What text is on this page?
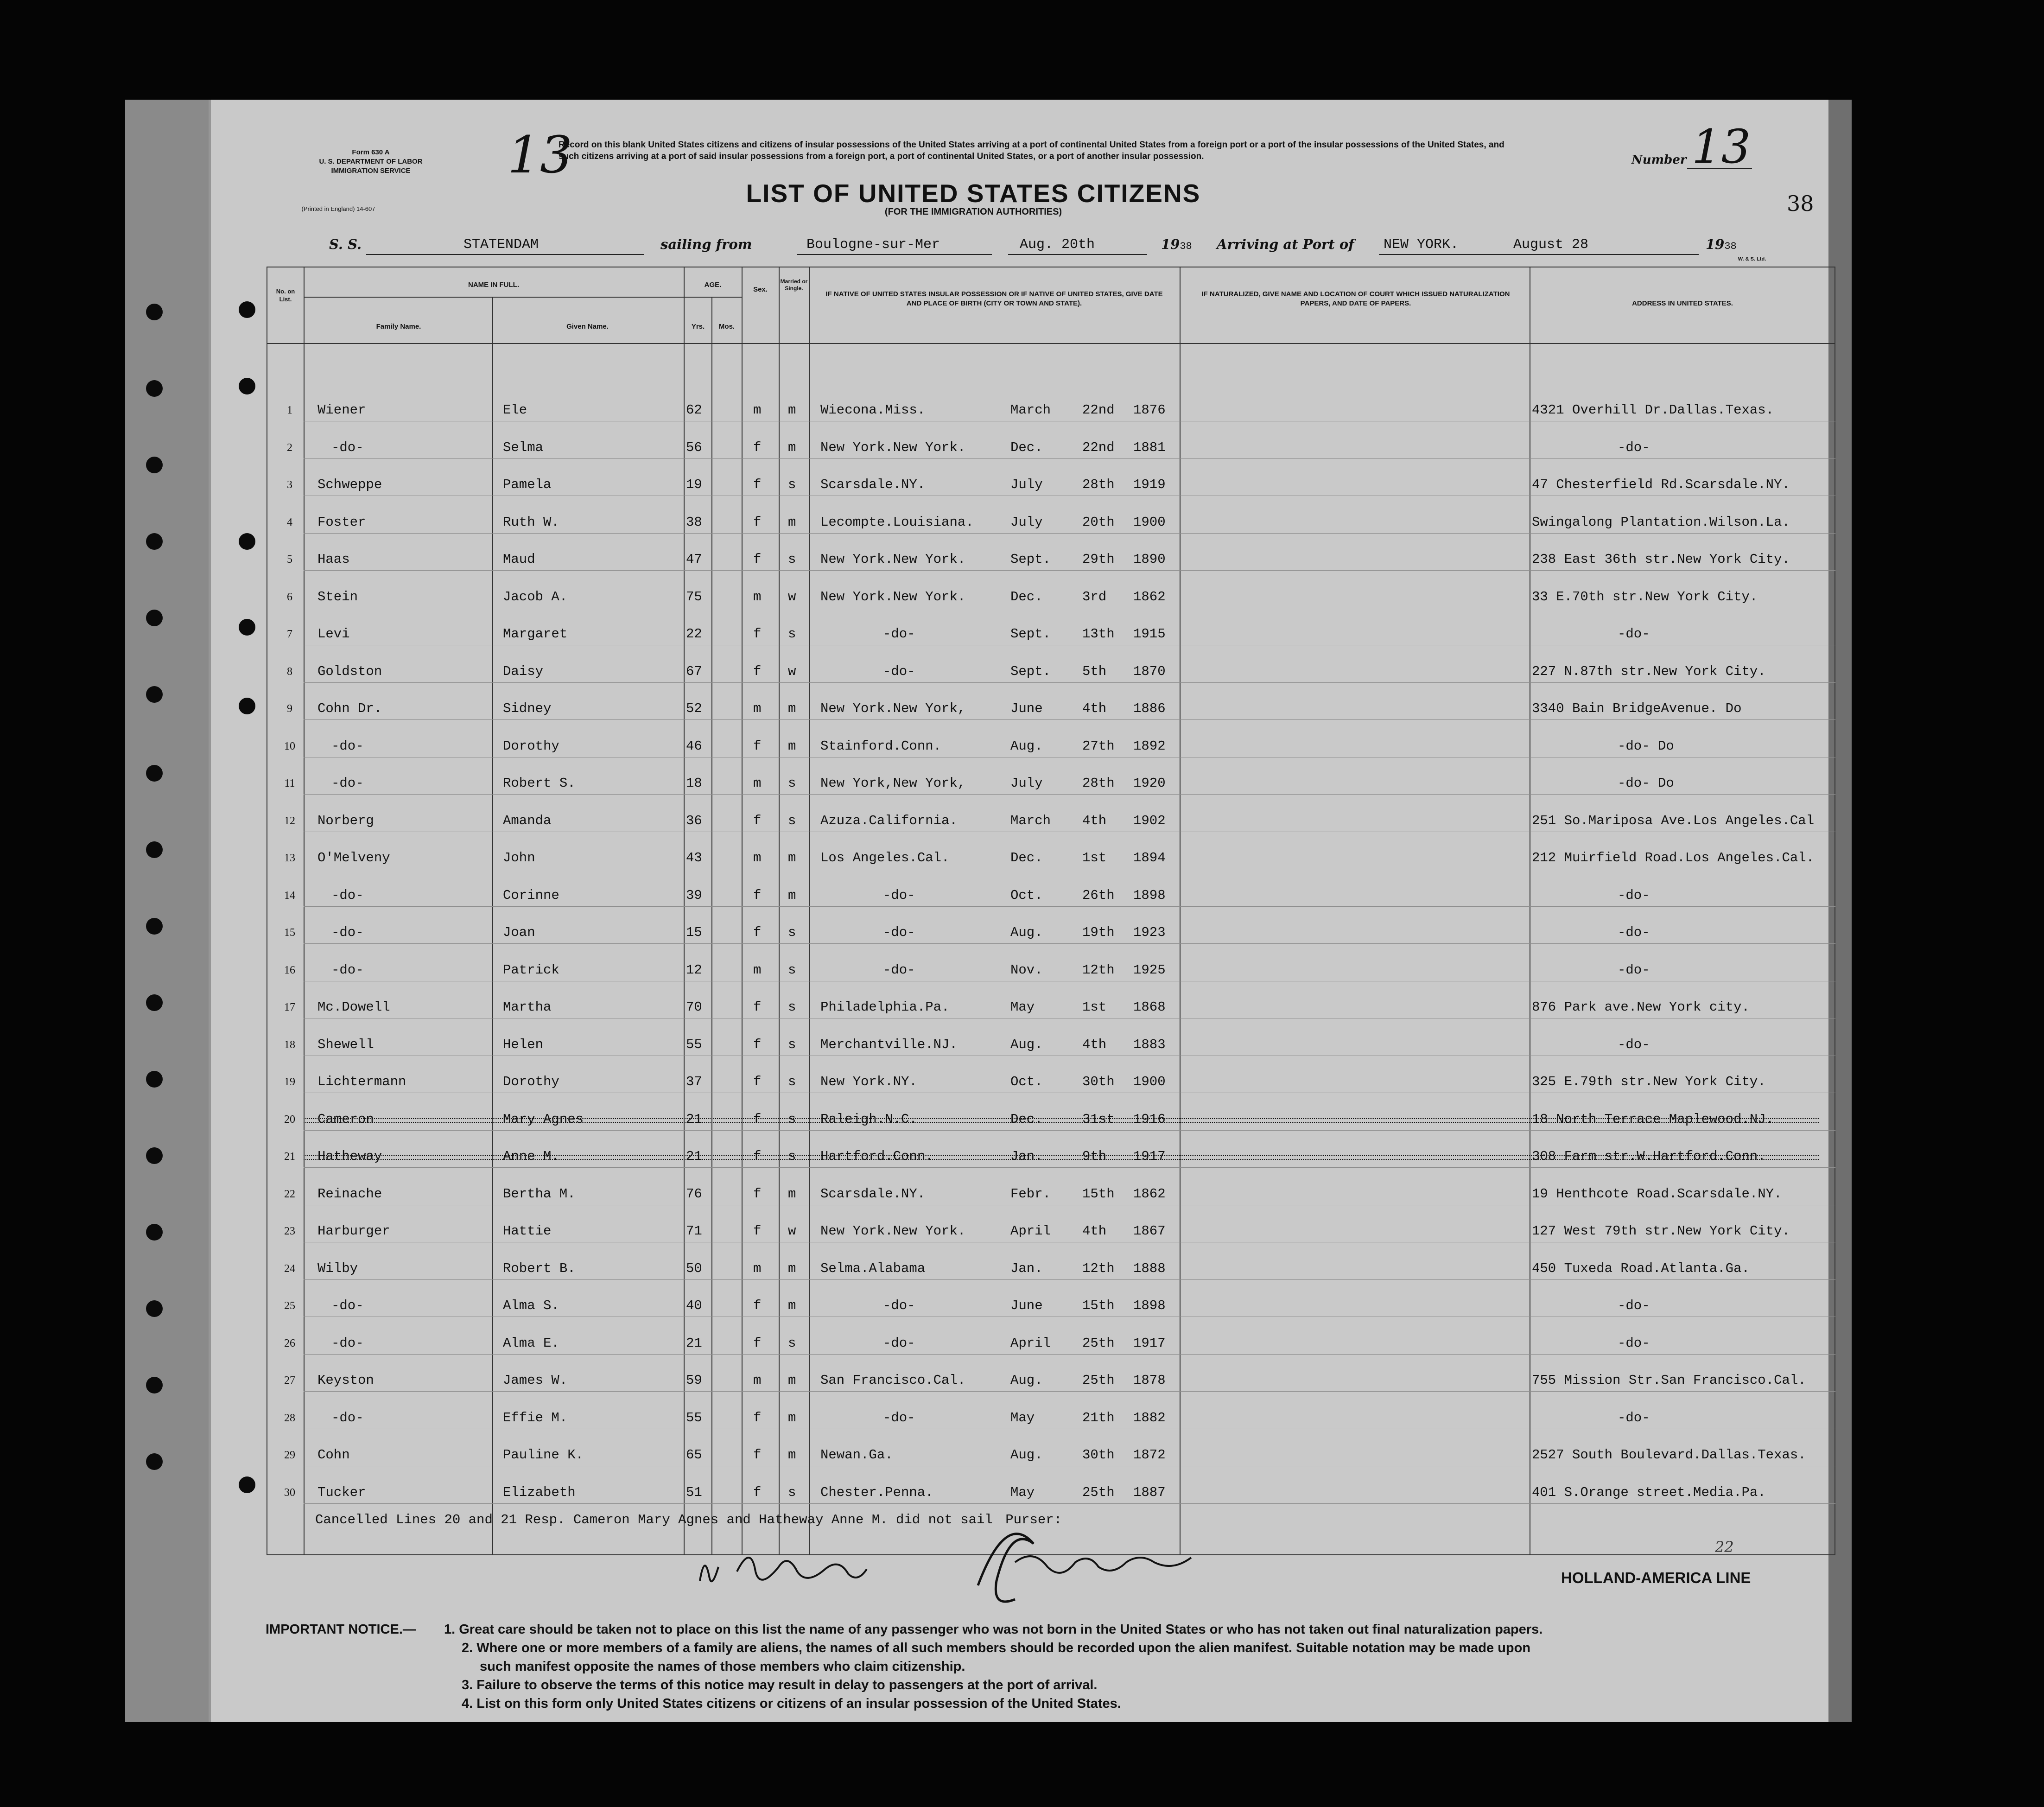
Form 630 A
U. S. DEPARTMENT OF LABOR
IMMIGRATION SERVICE
(Printed in England) 14-607
13
Record on this blank United States citizens and citizens of insular possessions of the United States arriving at a port of continental United States from a foreign port or a port of the insular possessions of the United States, and such citizens arriving at a port of said insular possessions from a foreign port, a port of continental United States, or a port of another insular possession.	Number 13
38
LIST OF UNITED STATES CITIZENS
(FOR THE IMMIGRATION AUTHORITIES)
S. S.	STATENDAM	sailing from	Boulogne-sur-Mer	Aug. 20th	1938 Arriving at Port of NEW YORK.	August 28	1938
W. & S. Ltd.
No. on List.
NAME IN FULL.
Family Name.	Given Name.
AGE.
Yrs.	Mos.
Sex.
Married or Single.
IF NATIVE OF UNITED STATES INSULAR POSSESSION OR IF NATIVE OF UNITED STATES, GIVE DATE AND PLACE OF BIRTH (CITY OR TOWN AND STATE).
IF NATURALIZED, GIVE NAME AND LOCATION OF COURT WHICH ISSUED NATURALIZATION PAPERS, AND DATE OF PAPERS.	ADDRESS IN UNITED STATES.
1	Wiener	Ele	62	m m Wiecona.Miss.	March 22nd 1876	4321 Overhill Dr.Dallas.Texas.
2	-do-	Selma	56	f m New York.New York.	Dec.	22nd 1881	-do-
3	Schweppe	Pamela	19	f s Scarsdale.NY.	July	28th 1919	47 Chesterfield Rd.Scarsdale.NY.
4	Foster	Ruth W.	38	f m Lecompte.Louisiana.	July	20th 1900	Swingalong Plantation.Wilson.La.
5	Haas	Maud	47	f s New York.New York.	Sept. 29th 1890	238 East 36th str.New York City.
6	Stein	Jacob A.	75	m w New York.New York.	Dec.	3rd 1862	33 E.70th str.New York City.
7	Levi	Margaret	22	f s	-do-	Sept. 13th 1915	-do-
8	Goldston	Daisy	67	f w	-do-	Sept. 5th 1870	227 N.87th str.New York City.
9	Cohn Dr.	Sidney	52	m m New York.New York,	June	4th 1886	3340 Bain BridgeAvenue. Do
10	-do-	Dorothy	46	f m Stainford.Conn.	Aug.	27th 1892	-do- Do
11	-do-	Robert S.	18	m s New York,New York,	July	28th 1920	-do- Do
12	Norberg	Amanda	36	f s Azuza.California.	March 4th 1902	251 So.Mariposa Ave.Los Angeles.Cal
13	O'Melveny	John	43	m m Los Angeles.Cal.	Dec.	1st 1894	212 Muirfield Road.Los Angeles.Cal.
14	-do-	Corinne	39	f m	-do-	Oct.	26th 1898	-do-
15	-do-	Joan	15	f s	-do-	Aug.	19th 1923	-do-
16	-do-	Patrick	12	m s	-do-	Nov.	12th 1925	-do-
17	Mc.Dowell	Martha	70	f s Philadelphia.Pa.	May	1st 1868	876 Park ave.New York city.
18	Shewell	Helen	55	f s Merchantville.NJ.	Aug.	4th 1883	-do-
19	Lichtermann	Dorothy	37	f s New York.NY.	Oct.	30th 1900	325 E.79th str.New York City.
20	Cameron	Mary Agnes	21	f s Raleigh.N.C.	Dec.	31st 1916	18 North Terrace Maplewood.NJ.
21	Hatheway	Anne M.	21	f s Hartford.Conn.	Jan.	9th 1917	308 Farm str.W.Hartford.Conn.
22	Reinache	Bertha M.	76	f m Scarsdale.NY.	Febr. 15th 1862	19 Henthcote Road.Scarsdale.NY.
23	Harburger	Hattie	71	f w New York.New York.	April 4th 1867	127 West 79th str.New York City.
24	Wilby	Robert B.	50	m m Selma.Alabama	Jan.	12th 1888	450 Tuxeda Road.Atlanta.Ga.
25	-do-	Alma S.	40	f m	-do-	June	15th 1898	-do-
26	-do-	Alma E.	21	f s	-do-	April 25th 1917	-do-
27	Keyston	James W.	59	m m San Francisco.Cal.	Aug.	25th 1878	755 Mission Str.San Francisco.Cal.
28	-do-	Effie M.	55	f m	-do-	May	21th 1882	-do-
29	Cohn	Pauline K.	65	f m Newan.Ga.	Aug.	30th 1872	2527 South Boulevard.Dallas.Texas.
30	Tucker	Elizabeth	51	f s Chester.Penna.	May	25th 1887	401 S.Orange street.Media.Pa.
Cancelled Lines 20 and 21 Resp. Cameron Mary Agnes and Hatheway Anne M. did not sail Purser:
22
HOLLAND-AMERICA LINE
IMPORTANT NOTICE.— 1. Great care should be taken not to place on this list the name of any passenger who was not born in the United States or who has not taken out final naturalization papers.
2. Where one or more members of a family are aliens, the names of all such members should be recorded upon the alien manifest. Suitable notation may be made upon
such manifest opposite the names of those members who claim citizenship.
3. Failure to observe the terms of this notice may result in delay to passengers at the port of arrival.
4. List on this form only United States citizens or citizens of an insular possession of the United States.
